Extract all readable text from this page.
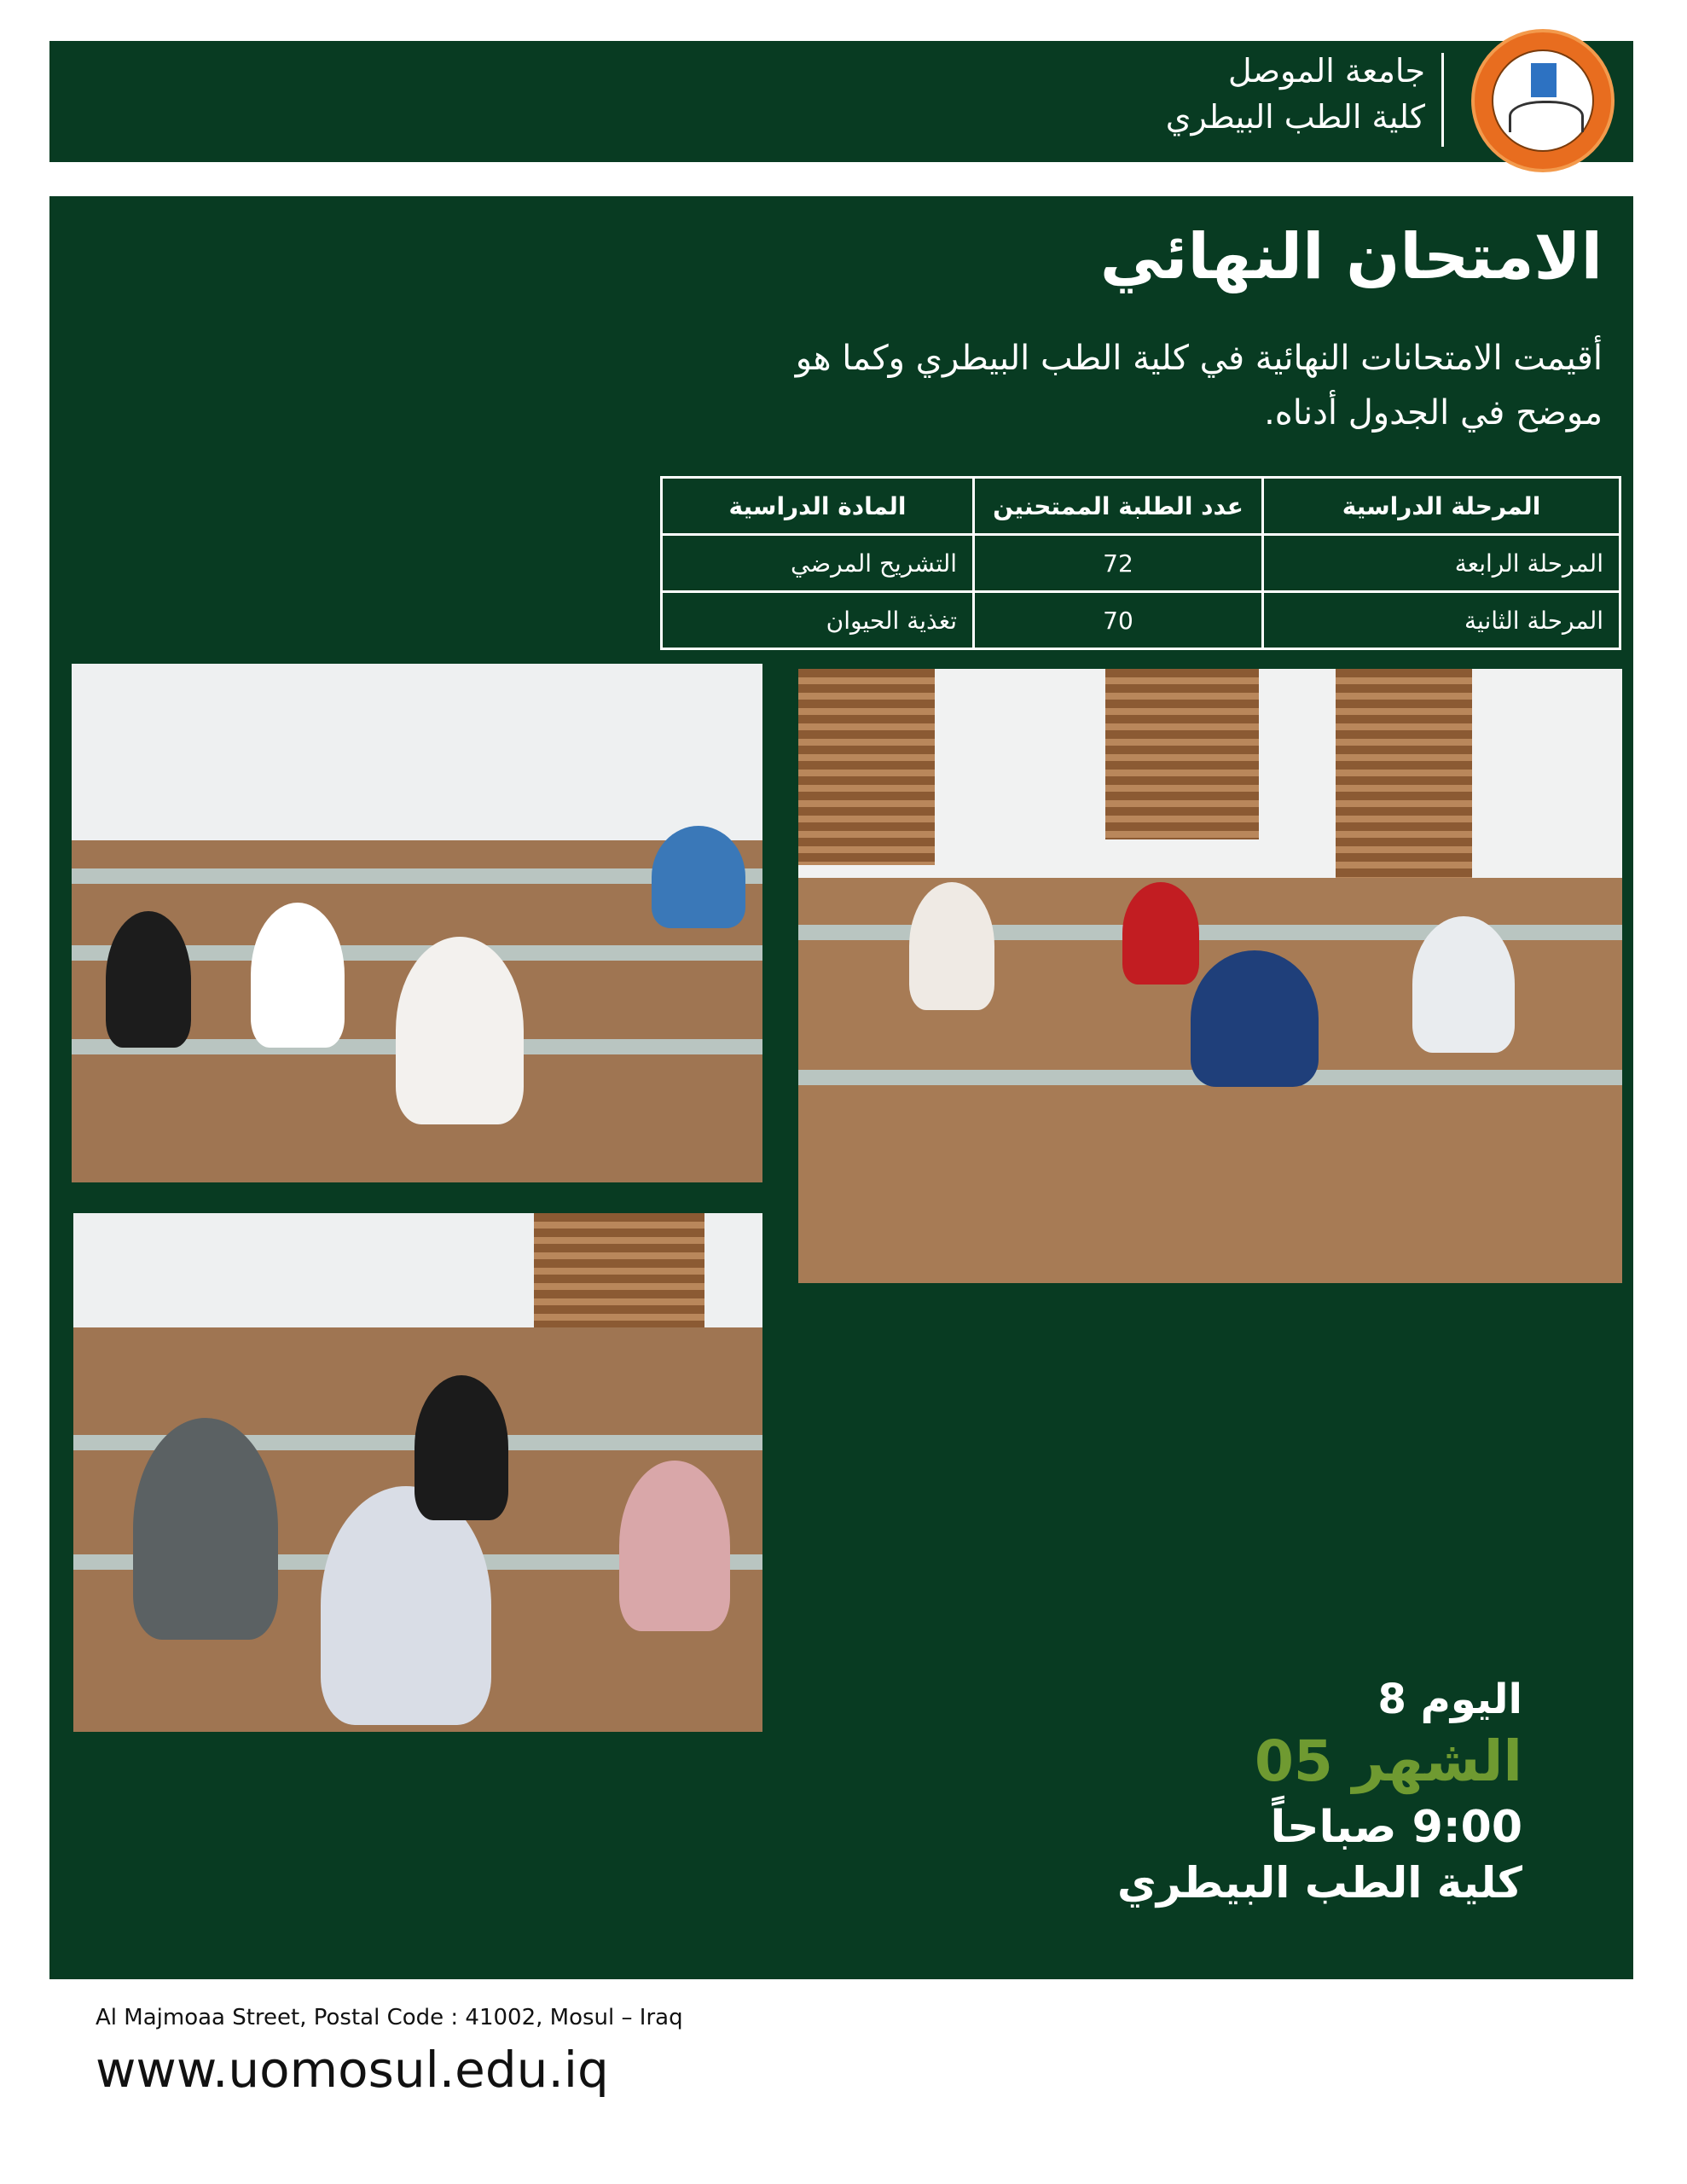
جامعة الموصل
كلية الطب البيطري
الامتحان النهائي
أقيمت الامتحانات النهائية في كلية الطب البيطري وكما هو موضح في الجدول أدناه.
المرحلة الدراسية	عدد الطلبة الممتحنين	المادة الدراسية
المرحلة الرابعة	72	التشريح المرضي
المرحلة الثانية	70	تغذية الحيوان
اليوم 8
الشهر 05
9:00 صباحاً
كلية الطب البيطري
Al Majmoaa Street, Postal Code : 41002, Mosul – Iraq
www.uomosul.edu.iq
